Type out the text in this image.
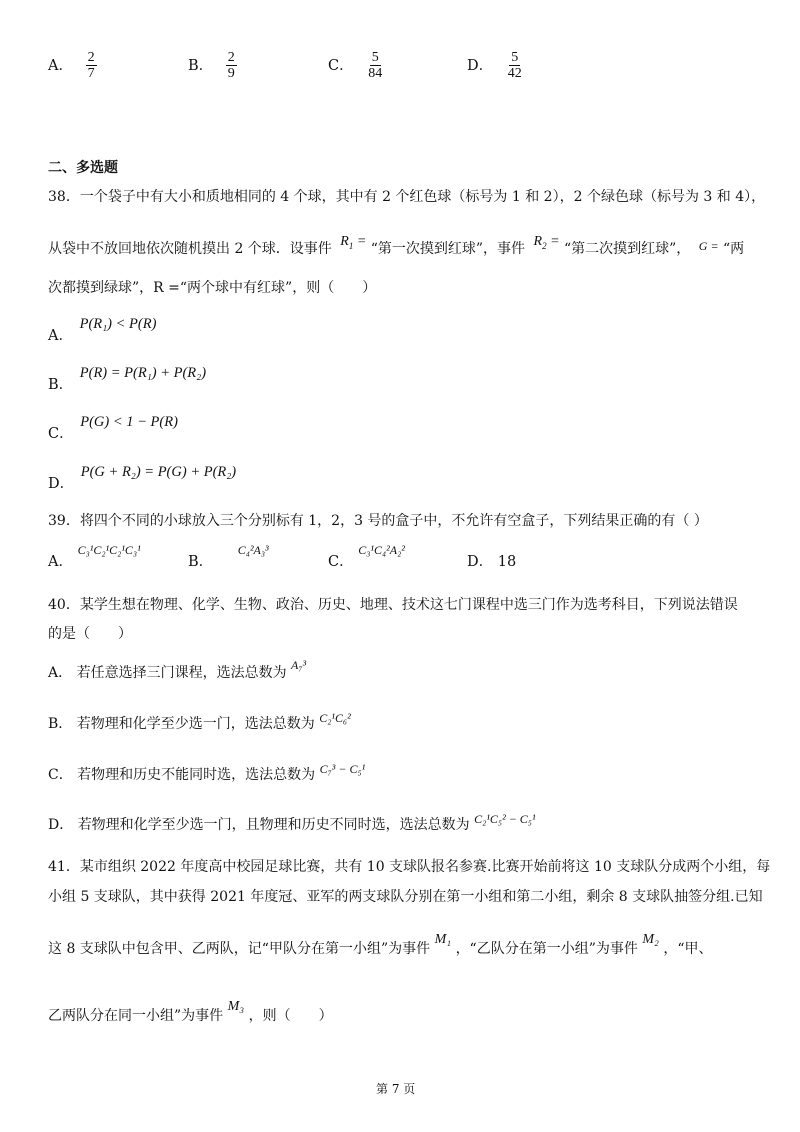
A． $\frac{2}{7}$	B． $\frac{2}{9}$	C． $\frac{5}{84}$	D． $\frac{5}{42}$
二、多选题
38．一个袋子中有大小和质地相同的 4 个球，其中有 2 个红色球（标号为 1 和 2），2 个绿色球（标号为 3 和 4），
从袋中不放回地依次随机摸出 2 个球．设事件 $R_1$ = “第一次摸到红球”，事件 $R_2$ = “第二次摸到红球”， G = “两
次都摸到绿球”，R =“两个球中有红球”，则（　　）
A． P(R₁) < P(R)
B． P(R) = P(R₁) + P(R₂)
C． P(G) < 1 − P(R)
D． P(G + R₂) = P(G) + P(R₂)
39．将四个不同的小球放入三个分别标有 1，2，3 号的盒子中，不允许有空盒子，下列结果正确的有（ ）
A． C₃¹C₂¹C₂¹C₃¹
B． C₄²A₃³
C． C₃¹C₄²A₂²
D． 18
40．某学生想在物理、化学、生物、政治、历史、地理、技术这七门课程中选三门作为选考科目，下列说法错误
的是（　　）
A． 若任意选择三门课程，选法总数为 A₇³
B． 若物理和化学至少选一门，选法总数为 C₂¹C₆²
C． 若物理和历史不能同时选，选法总数为 C₇³ − C₅¹
D． 若物理和化学至少选一门，且物理和历史不同时选，选法总数为 C₂¹C₅² − C₅¹
41．某市组织 2022 年度高中校园足球比赛，共有 10 支球队报名参赛.比赛开始前将这 10 支球队分成两个小组，每
小组 5 支球队，其中获得 2021 年度冠、亚军的两支球队分别在第一小组和第二小组，剩余 8 支球队抽签分组.已知
这 8 支球队中包含甲、乙两队，记“甲队分在第一小组”为事件 M₁ ，“乙队分在第一小组”为事件 M₂ ，“甲、
乙两队分在同一小组”为事件 M₃ ，则（　　）
第 7 页
